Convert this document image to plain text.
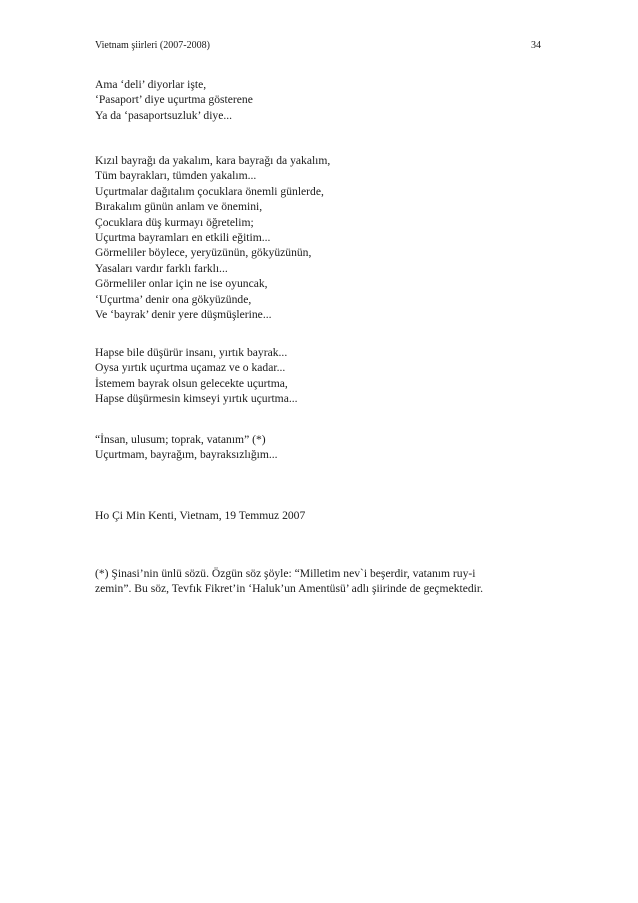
Vietnam şiirleri (2007-2008)	34
Ama ‘deli’ diyorlar işte,
‘Pasaport’ diye uçurtma gösterene
Ya da ‘pasaportsuzluk’ diye...
Kızıl bayrağı da yakalım, kara bayrağı da yakalım,
Tüm bayrakları, tümden yakalım...
Uçurtmalar dağıtalım çocuklara önemli günlerde,
Bırakalım günün anlam ve önemini,
Çocuklara düş kurmayı öğretelim;
Uçurtma bayramları en etkili eğitim...
Görmeliler böylece, yeryüzünün, gökyüzünün,
Yasaları vardır farklı farklı...
Görmeliler onlar için ne ise oyuncak,
‘Uçurtma’ denir ona gökyüzünde,
Ve ‘bayrak’ denir yere düşmüşlerine...
Hapse bile düşürür insanı, yırtık bayrak...
Oysa yırtık uçurtma uçamaz ve o kadar...
İstemem bayrak olsun gelecekte uçurtma,
Hapse düşürmesin kimseyi yırtık uçurtma...
“İnsan, ulusum; toprak, vatanım” (*)
Uçurtmam, bayrağım, bayraksızlığım...
Ho Çi Min Kenti, Vietnam, 19 Temmuz 2007
(*) Şinasi’nin ünlü sözü. Özgün söz şöyle: “Milletim nev`i beşerdir, vatanım ruy-i
zemin”. Bu söz, Tevfık Fikret’in ‘Haluk’un Amentüsü’ adlı şiirinde de geçmektedir.
